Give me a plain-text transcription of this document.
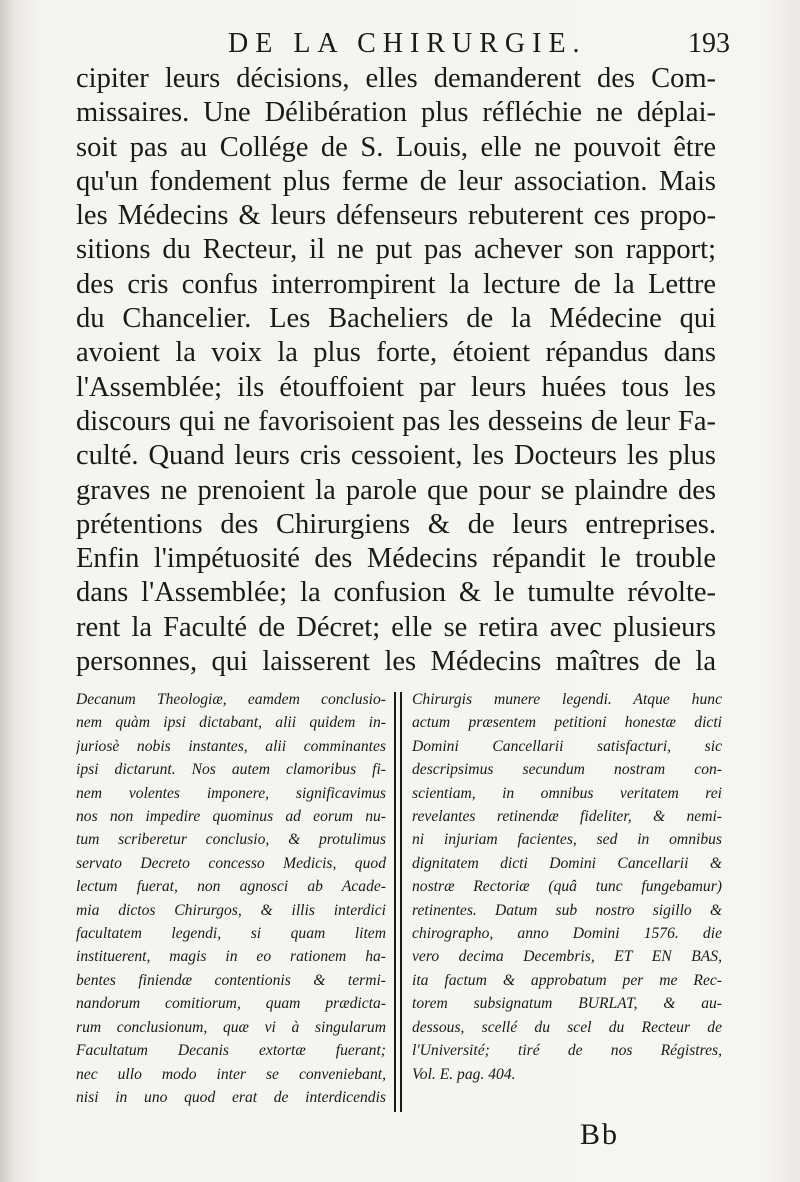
DE LA CHIRURGIE.	193
cipiter leurs décisions, elles demanderent des Com-
missaires. Une Délibération plus réfléchie ne déplai-
soit pas au Collége de S. Louis, elle ne pouvoit être
qu'un fondement plus ferme de leur association. Mais
les Médecins & leurs défenseurs rebuterent ces propo-
sitions du Recteur, il ne put pas achever son rapport;
des cris confus interrompirent la lecture de la Lettre
du Chancelier. Les Bacheliers de la Médecine qui
avoient la voix la plus forte, étoient répandus dans
l'Assemblée; ils étouffoient par leurs huées tous les
discours qui ne favorisoient pas les desseins de leur Fa-
culté. Quand leurs cris cessoient, les Docteurs les plus
graves ne prenoient la parole que pour se plaindre des
prétentions des Chirurgiens & de leurs entreprises.
Enfin l'impétuosité des Médecins répandit le trouble
dans l'Assemblée; la confusion & le tumulte révolte-
rent la Faculté de Décret; elle se retira avec plusieurs
personnes, qui laisserent les Médecins maîtres de la
Decanum Theologiæ, eamdem conclusio-
nem quàm ipsi dictabant, alii quidem in-
juriosè nobis instantes, alii comminantes
ipsi dictarunt. Nos autem clamoribus fi-
nem volentes imponere, significavimus
nos non impedire quominus ad eorum nu-
tum scriberetur conclusio, & protulimus
servato Decreto concesso Medicis, quod
lectum fuerat, non agnosci ab Acade-
mia dictos Chirurgos, & illis interdici
facultatem legendi, si quam litem
instituerent, magis in eo rationem ha-
bentes finiendæ contentionis & termi-
nandorum comitiorum, quam prædicta-
rum conclusionum, quæ vi à singularum
Facultatum Decanis extortæ fuerant;
nec ullo modo inter se conveniebant,
nisi in uno quod erat de interdicendis
Chirurgis munere legendi. Atque hunc
actum præsentem petitioni honestæ dicti
Domini Cancellarii satisfacturi, sic
descripsimus secundum nostram con-
scientiam, in omnibus veritatem rei
revelantes retinendæ fideliter, & nemi-
ni injuriam facientes, sed in omnibus
dignitatem dicti Domini Cancellarii &
nostræ Rectoriæ (quâ tunc fungebamur)
retinentes. Datum sub nostro sigillo &
chirographo, anno Domini 1576. die
vero decima Decembris, ET EN BAS,
ita factum & approbatum per me Rec-
torem subsignatum BURLAT, & au-
dessous, scellé du scel du Recteur de
l'Université; tiré de nos Régistres,
Vol. E. pag. 404.
Bb
